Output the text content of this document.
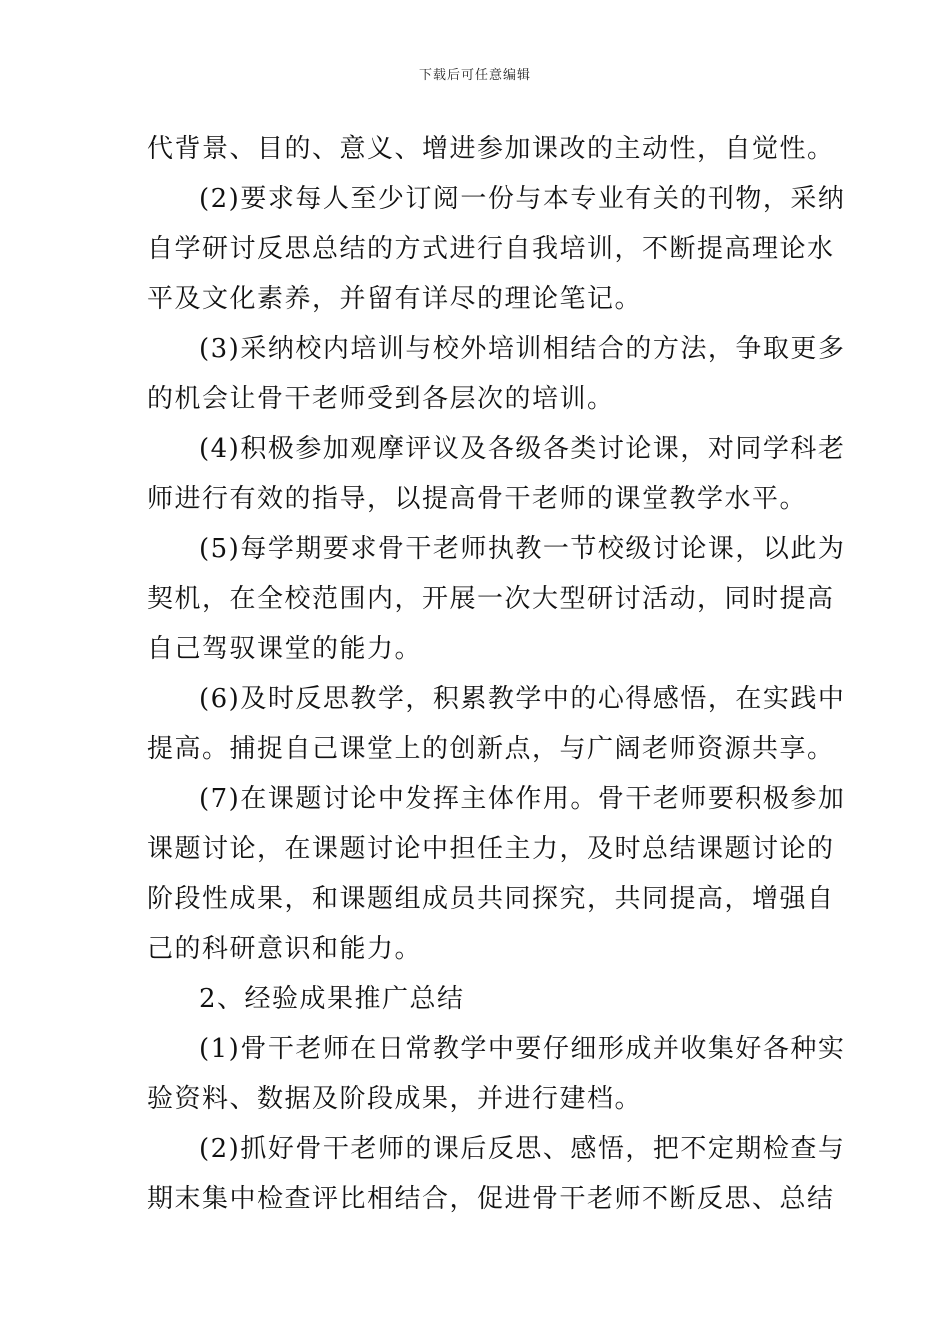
下载后可任意编辑
代背景、目的、意义、增进参加课改的主动性，自觉性。
(2)要求每人至少订阅一份与本专业有关的刊物，采纳
自学研讨反思总结的方式进行自我培训，不断提高理论水
平及文化素养，并留有详尽的理论笔记。
(3)采纳校内培训与校外培训相结合的方法，争取更多
的机会让骨干老师受到各层次的培训。
(4)积极参加观摩评议及各级各类讨论课，对同学科老
师进行有效的指导，以提高骨干老师的课堂教学水平。
(5)每学期要求骨干老师执教一节校级讨论课，以此为
契机，在全校范围内，开展一次大型研讨活动，同时提高
自己驾驭课堂的能力。
(6)及时反思教学，积累教学中的心得感悟，在实践中
提高。捕捉自己课堂上的创新点，与广阔老师资源共享。
(7)在课题讨论中发挥主体作用。骨干老师要积极参加
课题讨论，在课题讨论中担任主力，及时总结课题讨论的
阶段性成果，和课题组成员共同探究，共同提高，增强自
己的科研意识和能力。
2、经验成果推广总结
(1)骨干老师在日常教学中要仔细形成并收集好各种实
验资料、数据及阶段成果，并进行建档。
(2)抓好骨干老师的课后反思、感悟，把不定期检查与
期末集中检查评比相结合，促进骨干老师不断反思、总结
